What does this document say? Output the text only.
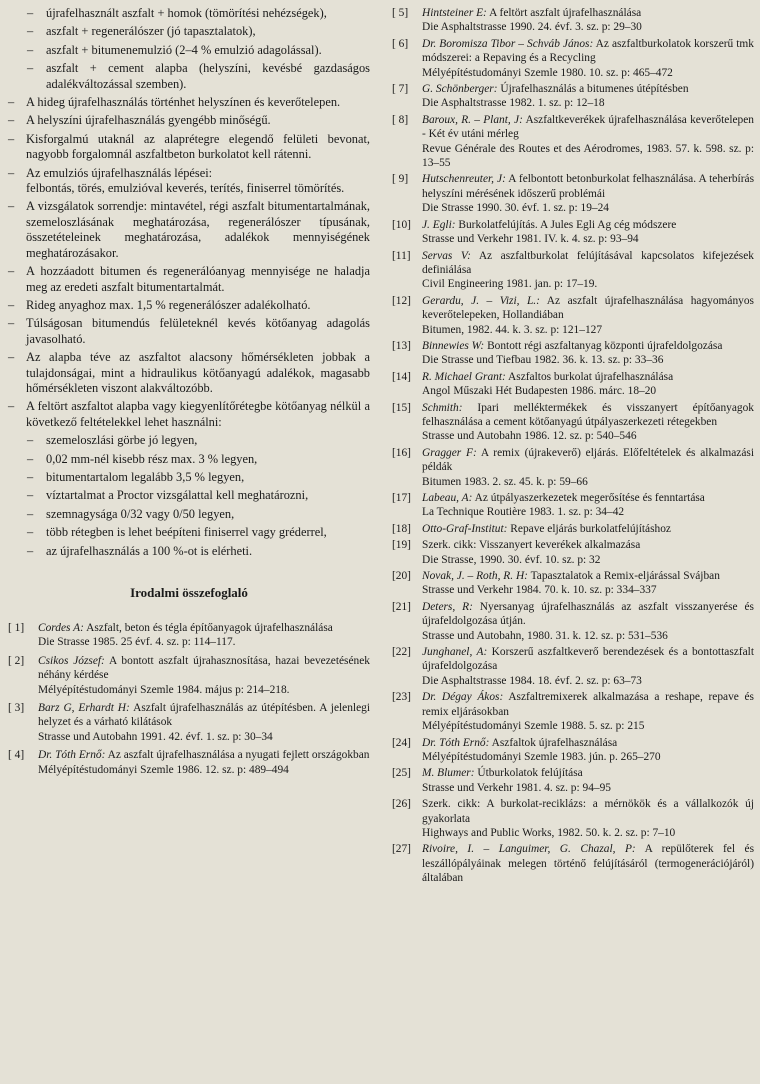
– újrafelhasznált aszfalt + homok (tömörítési nehézségek),
– aszfalt + regenerálószer (jó tapasztalatok),
– aszfalt + bitumenemulzió (2–4 % emulzió adagolással).
– aszfalt + cement alapba (helyszíni, kevésbé gazdaságos adalékváltozással szemben).
– A hideg újrafelhasználás történhet helyszínen és keverőtelepen.
– A helyszíni újrafelhasználás gyengébb minőségű.
– Kisforgalmú utaknál az alaprétegre elegendő felületi bevonat, nagyobb forgalomnál aszfaltbeton burkolatot kell rátenni.
– Az emulziós újrafelhasználás lépései:
felbontás, törés, emulzióval keverés, terítés, finiserrel tömörítés.
– A vizsgálatok sorrendje: mintavétel, régi aszfalt bitumentartalmának, szemeloszlásának meghatározása, regenerálószer típusának, összetételeinek meghatározása, adalékok mennyiségének meghatározásakor.
– A hozzáadott bitumen és regenerálóanyag mennyisége ne haladja meg az eredeti aszfalt bitumentartalmát.
– Rideg anyaghoz max. 1,5 % regenerálószer adalékolható.
– Túlságosan bitumendús felületeknél kevés kötőanyag adagolás javasolható.
– Az alapba téve az aszfaltot alacsony hőmérsékleten jobbak a tulajdonságai, mint a hidraulikus kötőanyagú adalékok, magasabb hőmérsékleten viszont alakváltozóbb.
– A feltört aszfaltot alapba vagy kiegyenlítőrétegbe kötőanyag nélkül a következő feltételekkel lehet használni:
– szemeloszlási görbe jó legyen,
– 0,02 mm-nél kisebb rész max. 3 % legyen,
– bitumentartalom legalább 3,5 % legyen,
– víztartalmat a Proctor vizsgálattal kell meghatározni,
– szemnagysága 0/32 vagy 0/50 legyen,
– több rétegben is lehet beépíteni finiserrel vagy gréderrel,
– az újrafelhasználás a 100 %-ot is elérheti.
Irodalmi összefoglaló
[ 1] Cordes A: Aszfalt, beton és tégla építőanyagok újrafelhasználása
Die Strasse 1985. 25 évf. 4. sz. p: 114–117.
[ 2] Csikos József: A bontott aszfalt újrahasznosítása, hazai bevezetésének néhány kérdése
Mélyépítéstudományi Szemle 1984. május p: 214–218.
[ 3] Barz G, Erhardt H: Aszfalt újrafelhasználás az útépítésben. A jelenlegi helyzet és a várható kilátások
Strasse und Autobahn 1991. 42. évf. 1. sz. p: 30–34
[ 4] Dr. Tóth Ernő: Az aszfalt újrafelhasználása a nyugati fejlett országokban
Mélyépítéstudományi Szemle 1986. 12. sz. p: 489–494
[ 5] Hintsteiner E: A feltört aszfalt újrafelhasználása
Die Asphaltstrasse 1990. 24. évf. 3. sz. p: 29–30
[ 6] Dr. Boromisza Tibor – Schváb János: Az aszfaltburkolatok korszerű tmk módszerei: a Repaving és a Recycling
Mélyépítéstudományi Szemle 1980. 10. sz. p: 465–472
[ 7] G. Schönberger: Újrafelhasználás a bitumenes útépítésben
Die Asphaltstrasse 1982. 1. sz. p: 12–18
[ 8] Baroux, R. – Plant, J: Aszfaltkeverékek újrafelhasználása keverőtelepen - Két év utáni mérleg
Revue Générale des Routes et des Aérodromes, 1983. 57. k. 598. sz. p: 13–55
[ 9] Hutschenreuter, J: A felbontott betonburkolat felhasználása. A teherbírás helyszíni mérésének időszerű problémái
Die Strasse 1990. 30. évf. 1. sz. p: 19–24
[10] J. Egli: Burkolatfelújítás. A Jules Egli Ag cég módszere
Strasse und Verkehr 1981. IV. k. 4. sz. p: 93–94
[11] Servas V: Az aszfaltburkolat felújításával kapcsolatos kifejezések definiálása
Civil Engineering 1981. jan. p: 17–19.
[12] Gerardu, J. – Vizi, L.: Az aszfalt újrafelhasználása hagyományos keverőtelepeken, Hollandiában
Bitumen, 1982. 44. k. 3. sz. p: 121–127
[13] Binnewies W: Bontott régi aszfaltanyag központi újrafeldolgozása
Die Strasse und Tiefbau 1982. 36. k. 13. sz. p: 33–36
[14] R. Michael Grant: Aszfaltos burkolat újrafelhasználása
Angol Műszaki Hét Budapesten 1986. márc. 18–20
[15] Schmith: Ipari melléktermékek és visszanyert építőanyagok felhasználása a cement kötőanyagú útpályaszerkezeti rétegekben
Strasse und Autobahn 1986. 12. sz. p: 540–546
[16] Gragger F: A remix (újrakeverő) eljárás. Előfeltételek és alkalmazási példák
Bitumen 1983. 2. sz. 45. k. p: 59–66
[17] Labeau, A: Az útpályaszerkezetek megerősítése és fenntartása
La Technique Routière 1983. 1. sz. p: 34–42
[18] Otto-Graf-Institut: Repave eljárás burkolatfelújításhoz
[19] Szerk. cikk: Visszanyert keverékek alkalmazása
Die Strasse, 1990. 30. évf. 10. sz. p: 32
[20] Novak, J. – Roth, R. H: Tapasztalatok a Remix-eljárással Svájban
Strasse und Verkehr 1984. 70. k. 10. sz. p: 334–337
[21] Deters, R: Nyersanyag újrafelhasználás az aszfalt visszanyerése és újrafeldolgozása útján.
Strasse und Autobahn, 1980. 31. k. 12. sz. p: 531–536
[22] Junghanel, A: Korszerű aszfaltkeverő berendezések és a bontottaszfalt újrafeldolgozása
Die Asphaltstrasse 1984. 18. évf. 2. sz. p: 63–73
[23] Dr. Dégay Ákos: Aszfaltremixerek alkalmazása a reshape, repave és remix eljárásokban
Mélyépítéstudományi Szemle 1988. 5. sz. p: 215
[24] Dr. Tóth Ernő: Aszfaltok újrafelhasználása
Mélyépítéstudományi Szemle 1983. jún. p. 265–270
[25] M. Blumer: Útburkolatok felújítása
Strasse und Verkehr 1981. 4. sz. p: 94–95
[26] Szerk. cikk: A burkolat-reciklázs: a mérnökök és a vállalkozók új gyakorlata
Highways and Public Works, 1982. 50. k. 2. sz. p: 7–10
[27] Rivoire, I. – Languimer, G. Chazal, P: A repülőterek fel és leszállópályáinak melegen történő felújításáról (termogenerációjáról) általában
